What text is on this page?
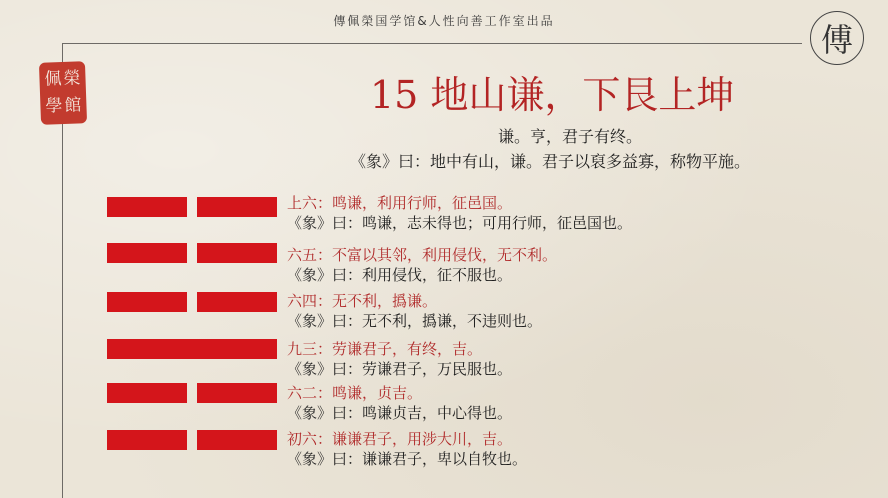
傳佩榮国学馆&人性向善工作室出品	傅
佩 榮
學 館	15 地山谦，下艮上坤
谦。亨，君子有终。
《象》曰：地中有山，谦。君子以裒多益寡，称物平施。
上六：鸣谦，利用行师，征邑国。
《象》曰：鸣谦，志未得也；可用行师，征邑国也。
六五：不富以其邻，利用侵伐，无不利。
《象》曰：利用侵伐，征不服也。
六四：无不利，撝谦。
《象》曰：无不利，撝谦，不违则也。
九三：劳谦君子，有终，吉。
《象》曰：劳谦君子，万民服也。
六二：鸣谦，贞吉。
《象》曰：鸣谦贞吉，中心得也。
初六：谦谦君子，用涉大川，吉。
《象》曰：谦谦君子，卑以自牧也。
